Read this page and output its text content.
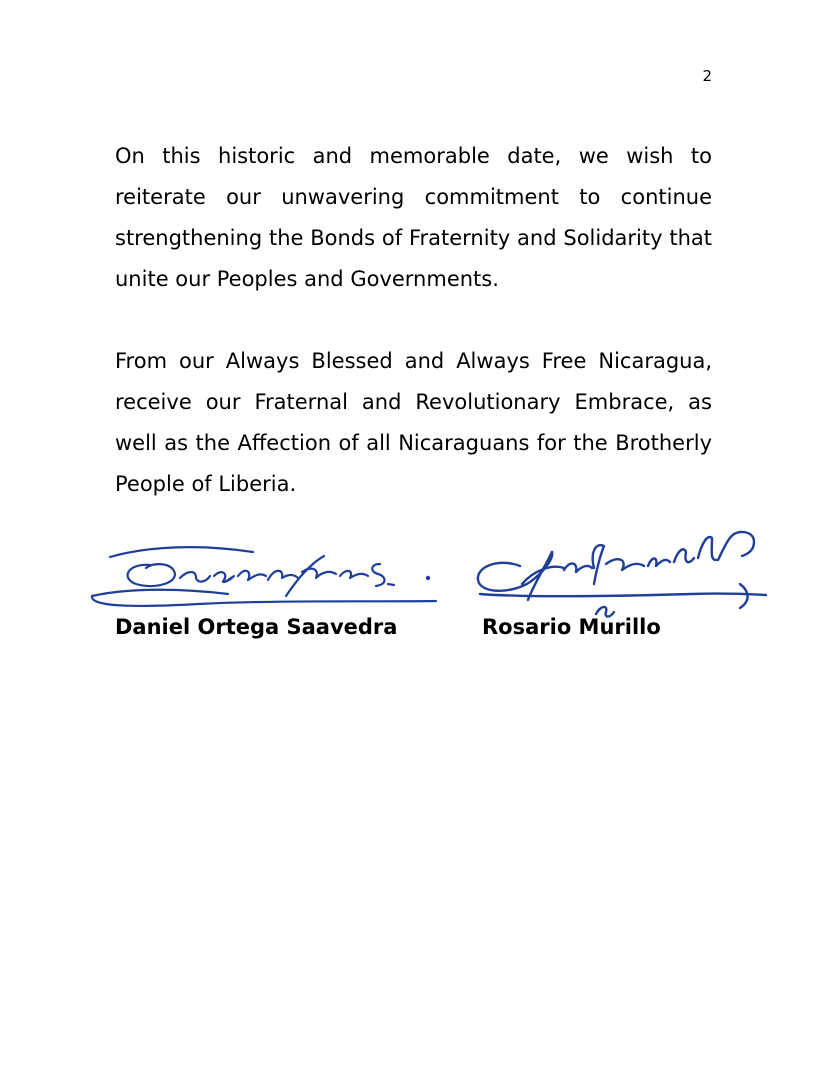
2

On this historic and memorable date, we wish to reiterate our unwavering commitment to continue strengthening the Bonds of Fraternity and Solidarity that unite our Peoples and Governments.

From our Always Blessed and Always Free Nicaragua, receive our Fraternal and Revolutionary Embrace, as well as the Affection of all Nicaraguans for the Brotherly People of Liberia.

Daniel Ortega Saavedra	Rosario Murillo
